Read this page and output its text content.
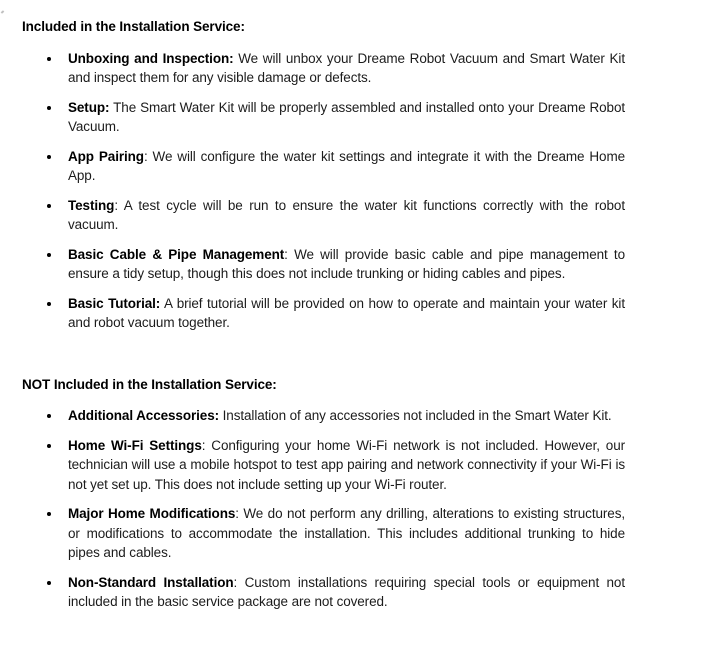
Included in the Installation Service:

Unboxing and Inspection: We will unbox your Dreame Robot Vacuum and Smart Water Kit and inspect them for any visible damage or defects.
Setup: The Smart Water Kit will be properly assembled and installed onto your Dreame Robot Vacuum.
App Pairing: We will configure the water kit settings and integrate it with the Dreame Home App.
Testing: A test cycle will be run to ensure the water kit functions correctly with the robot vacuum.
Basic Cable & Pipe Management: We will provide basic cable and pipe management to ensure a tidy setup, though this does not include trunking or hiding cables and pipes.
Basic Tutorial: A brief tutorial will be provided on how to operate and maintain your water kit and robot vacuum together.

NOT Included in the Installation Service:

Additional Accessories: Installation of any accessories not included in the Smart Water Kit.
Home Wi-Fi Settings: Configuring your home Wi-Fi network is not included. However, our technician will use a mobile hotspot to test app pairing and network connectivity if your Wi-Fi is not yet set up. This does not include setting up your Wi-Fi router.
Major Home Modifications: We do not perform any drilling, alterations to existing structures, or modifications to accommodate the installation. This includes additional trunking to hide pipes and cables.
Non-Standard Installation: Custom installations requiring special tools or equipment not included in the basic service package are not covered.
